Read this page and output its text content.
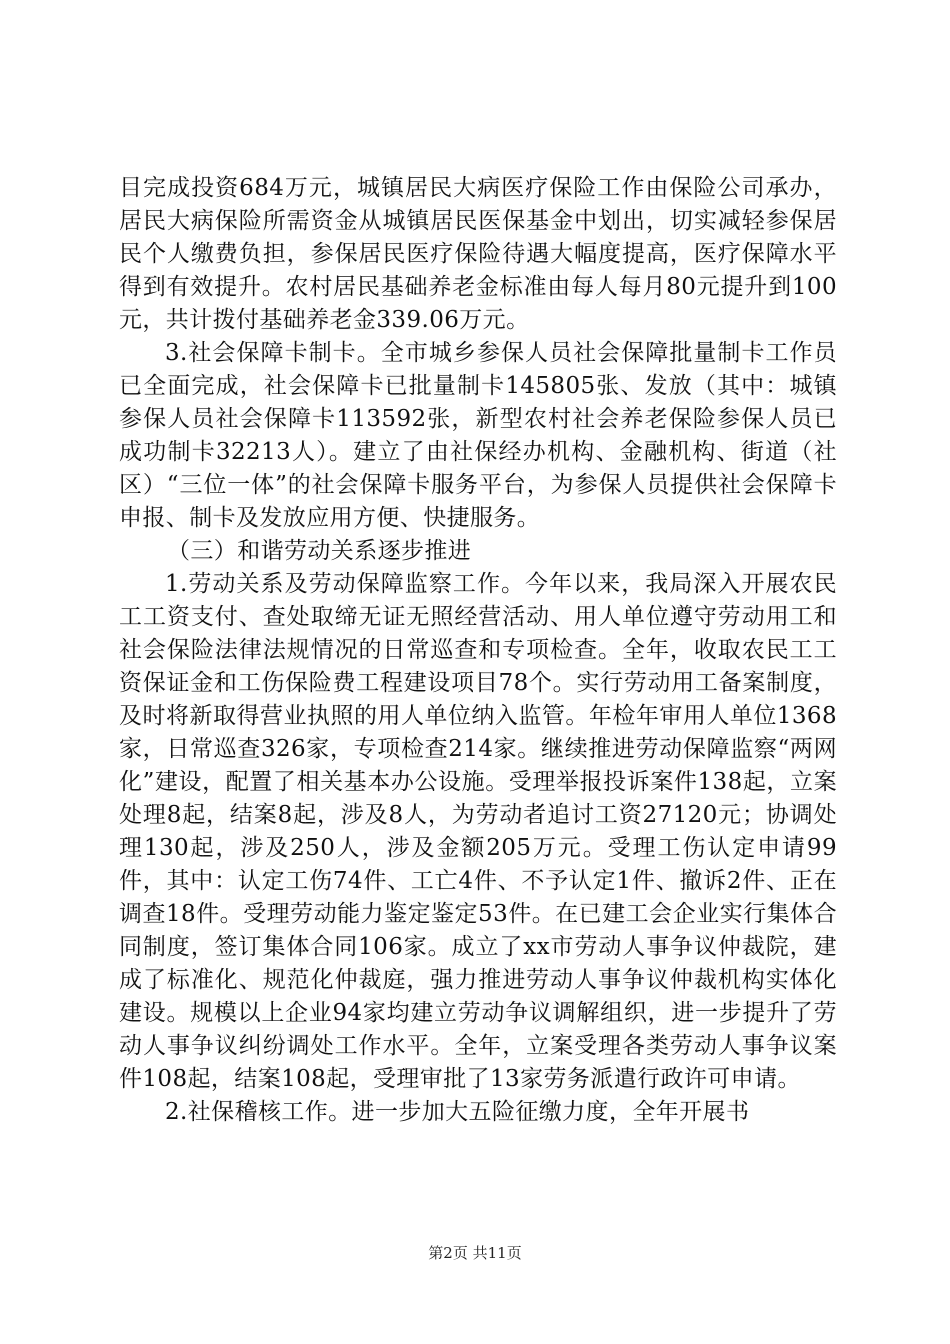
目完成投资684万元，城镇居民大病医疗保险工作由保险公司承办，居民大病保险所需资金从城镇居民医保基金中划出，切实减轻参保居民个人缴费负担，参保居民医疗保险待遇大幅度提高，医疗保障水平得到有效提升。农村居民基础养老金标准由每人每月80元提升到100元，共计拨付基础养老金339.06万元。

3.社会保障卡制卡。全市城乡参保人员社会保障批量制卡工作员已全面完成，社会保障卡已批量制卡145805张、发放（其中：城镇参保人员社会保障卡113592张，新型农村社会养老保险参保人员已成功制卡32213人）。建立了由社保经办机构、金融机构、街道（社区）“三位一体”的社会保障卡服务平台，为参保人员提供社会保障卡申报、制卡及发放应用方便、快捷服务。

（三）和谐劳动关系逐步推进

1.劳动关系及劳动保障监察工作。今年以来，我局深入开展农民工工资支付、查处取缔无证无照经营活动、用人单位遵守劳动用工和社会保险法律法规情况的日常巡查和专项检查。全年，收取农民工工资保证金和工伤保险费工程建设项目78个。实行劳动用工备案制度，及时将新取得营业执照的用人单位纳入监管。年检年审用人单位1368家，日常巡查326家，专项检查214家。继续推进劳动保障监察“两网化”建设，配置了相关基本办公设施。受理举报投诉案件138起，立案处理8起，结案8起，涉及8人，为劳动者追讨工资27120元；协调处理130起，涉及250人，涉及金额205万元。受理工伤认定申请99件，其中：认定工伤74件、工亡4件、不予认定1件、撤诉2件、正在调查18件。受理劳动能力鉴定鉴定53件。在已建工会企业实行集体合同制度，签订集体合同106家。成立了xx市劳动人事争议仲裁院，建成了标准化、规范化仲裁庭，强力推进劳动人事争议仲裁机构实体化建设。规模以上企业94家均建立劳动争议调解组织，进一步提升了劳动人事争议纠纷调处工作水平。全年，立案受理各类劳动人事争议案件108起，结案108起，受理审批了13家劳务派遣行政许可申请。

2.社保稽核工作。进一步加大五险征缴力度，全年开展书

第2页 共11页
